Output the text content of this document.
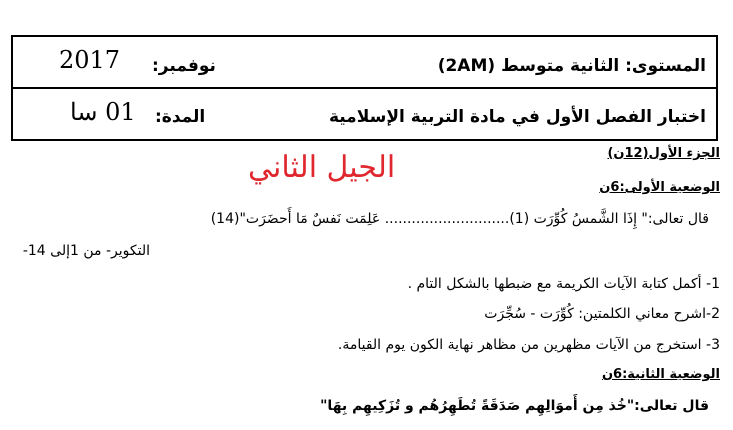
المستوى: الثانية متوسط (2AM)
نوفمبر:
2017
اختبار الفصل الأول في مادة التربية الإسلامية
المدة:
01 سا
الجزء الأول(12ن)
الجيل الثاني
الوضعية الأولى:6ن
قال تعالى:" إِذَا الشَّمسُ كُوِّرَت (1)............................ عَلِمَت نَفسٌ مَا أَحضَرَت"(14)
التكوير- من 1إلى 14-
1- أكمل كتابة الآيات الكريمة مع ضبطها بالشكل التام .
2-اشرح معاني الكلمتين: كُوِّرَت - سُجِّرَت
3- استخرج من الآيات مظهرين من مظاهر نهاية الكون يوم القيامة.
الوضعية الثانية:6ن
قال تعالى:"خُذ مِن أَموَالِهِم صَدَقَةً تُطَهِرُهُم و تُزَكِيهِم بِهَا"
